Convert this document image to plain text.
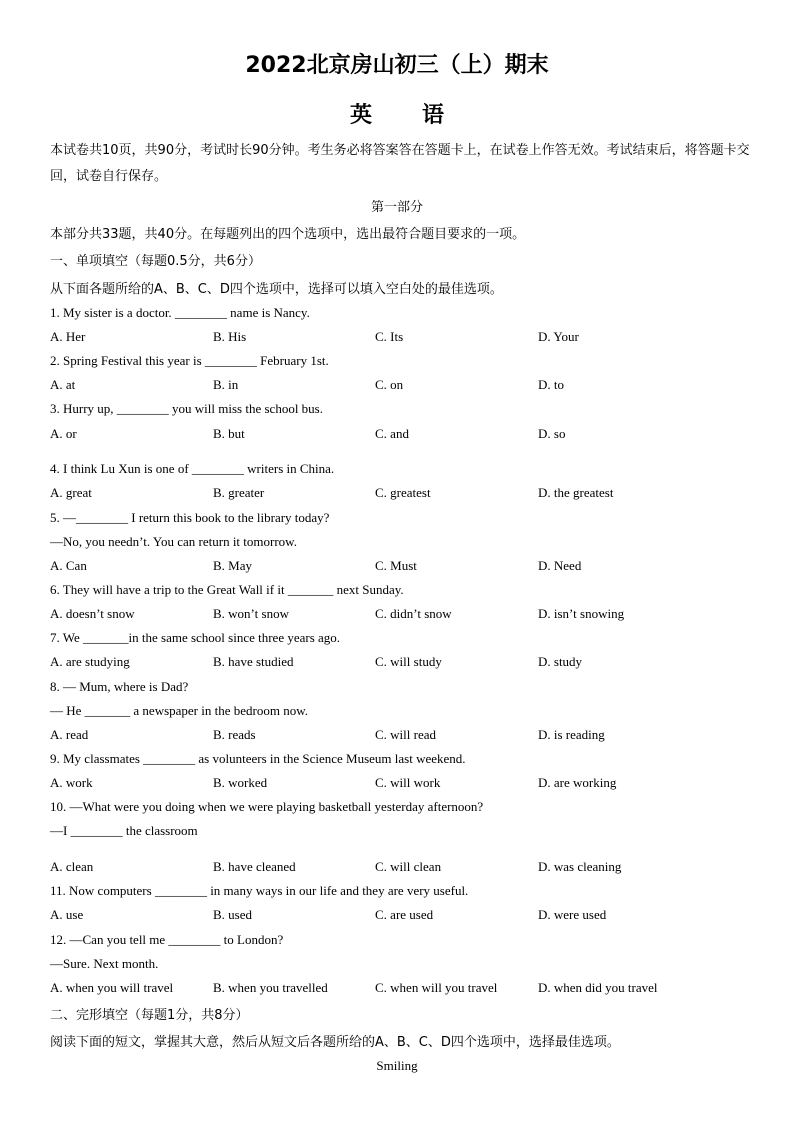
2022北京房山初三（上）期末
英 语
本试卷共10页，共90分，考试时长90分钟。考生务必将答案答在答题卡上，在试卷上作答无效。考试结束后，将答题卡交回，试卷自行保存。
第一部分
本部分共33题，共40分。在每题列出的四个选项中，选出最符合题目要求的一项。
一、单项填空（每题0.5分，共6分）
从下面各题所给的A、B、C、D四个选项中，选择可以填入空白处的最佳选项。
1. My sister is a doctor. ________ name is Nancy.
A. Her	B. His	C. Its	D. Your
2. Spring Festival this year is ________ February 1st.
A. at	B. in	C. on	D. to
3. Hurry up, ________ you will miss the school bus.
A. or	B. but	C. and	D. so
4. I think Lu Xun is one of ________ writers in China.
A. great	B. greater	C. greatest	D. the greatest
5. —________ I return this book to the library today?
—No, you needn’t. You can return it tomorrow.
A. Can	B. May	C. Must	D. Need
6. They will have a trip to the Great Wall if it _______ next Sunday.
A. doesn’t snow	B. won’t snow	C. didn’t snow	D. isn’t snowing
7. We _______in the same school since three years ago.
A. are studying	B. have studied	C. will study	D. study
8. — Mum, where is Dad?
— He _______ a newspaper in the bedroom now.
A. read	B. reads	C. will read	D. is reading
9. My classmates ________ as volunteers in the Science Museum last weekend.
A. work	B. worked	C. will work	D. are working
10. —What were you doing when we were playing basketball yesterday afternoon?
—I ________ the classroom
A. clean	B. have cleaned	C. will clean	D. was cleaning
11. Now computers ________ in many ways in our life and they are very useful.
A. use	B. used	C. are used	D. were used
12. —Can you tell me ________ to London?
—Sure. Next month.
A. when you will travel	B. when you travelled	C. when will you travel	D. when did you travel
二、完形填空（每题1分，共8分）
阅读下面的短文，掌握其大意，然后从短文后各题所给的A、B、C、D四个选项中，选择最佳选项。
Smiling
